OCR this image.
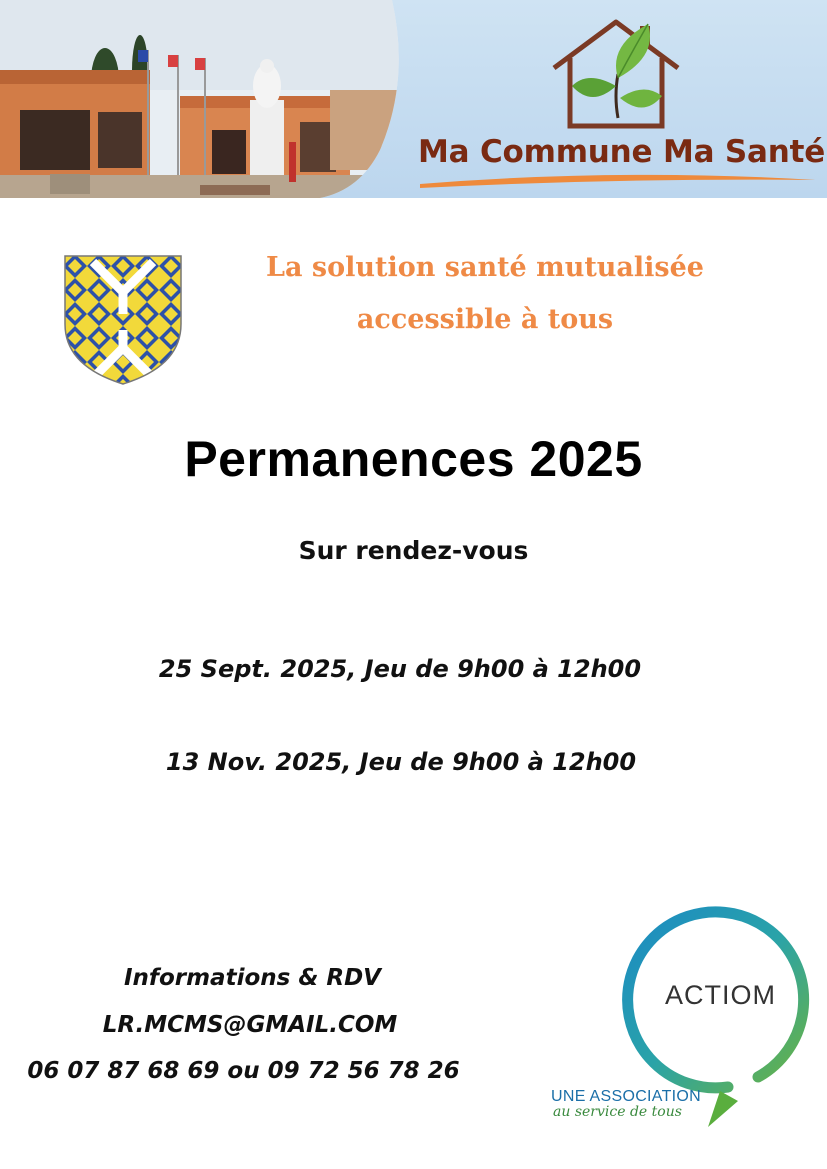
Ma Commune Ma Santé

La solution santé mutualisée

accessible à tous

Permanences 2025

Sur rendez-vous

25 Sept. 2025, Jeu de 9h00 à 12h00

13 Nov. 2025, Jeu de 9h00 à 12h00

Informations & RDV

LR.MCMS@GMAIL.COM

06 07 87 68 69 ou 09 72 56 78 26

ACTIOM
UNE ASSOCIATION
au service de tous
